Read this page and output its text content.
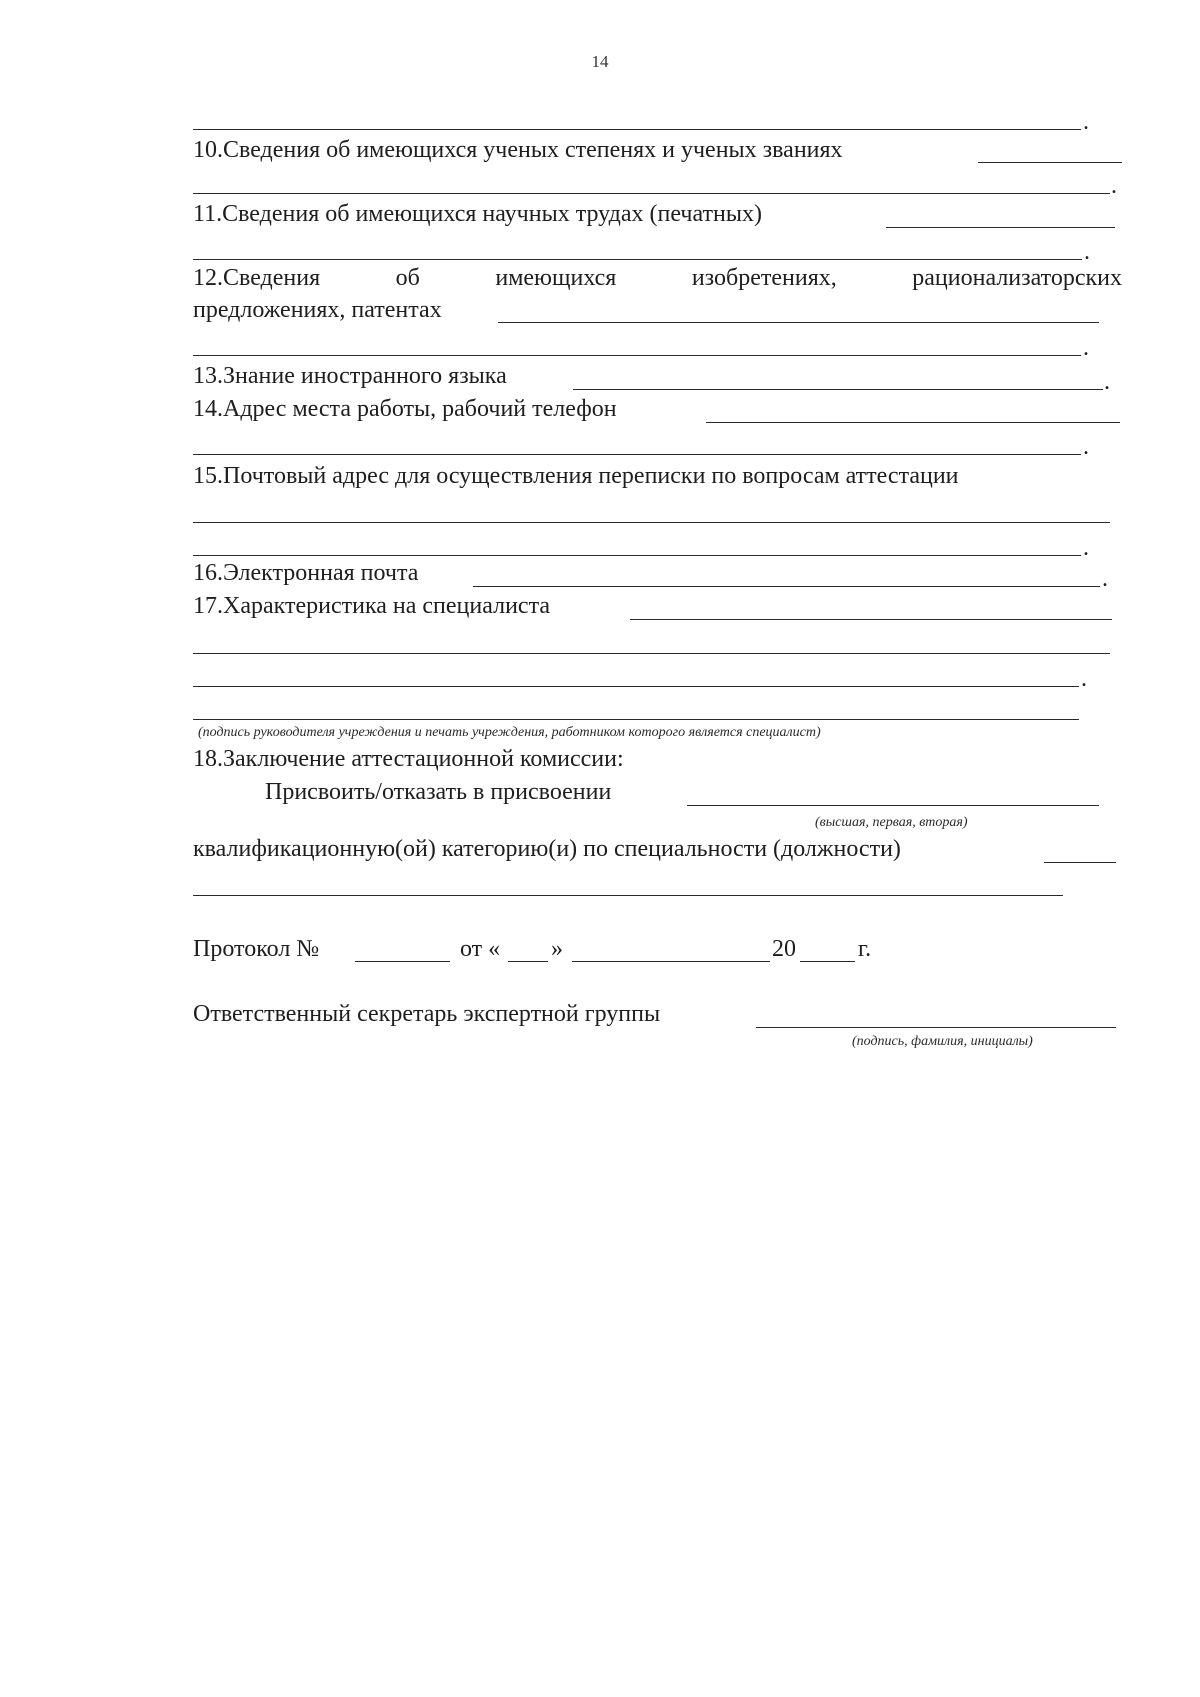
14
.
10.Сведения об имеющихся ученых степенях и ученых званиях
.
11.Сведения об имеющихся научных трудах (печатных)
.
12.Сведения	об	имеющихся	изобретениях,	рационализаторских
предложениях, патентах
.
13.Знание иностранного языка	.
14.Адрес места работы, рабочий телефон
.
15.Почтовый адрес для осуществления переписки по вопросам аттестации
.
16.Электронная почта	.
17.Характеристика на специалиста
.
(подпись руководителя учреждения и печать учреждения, работником которого является специалист)
18.Заключение аттестационной комиссии:
Присвоить/отказать в присвоении
(высшая, первая, вторая)
квалификационную(ой) категорию(и) по специальности (должности)
Протокол №	от « »	20	г.
Ответственный секретарь экспертной группы
(подпись, фамилия, инициалы)
